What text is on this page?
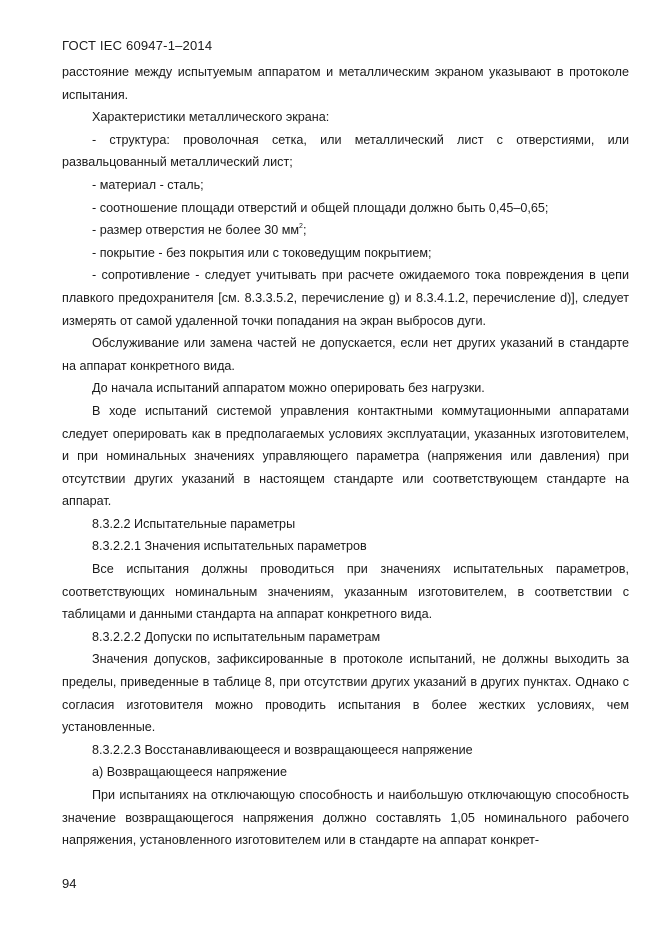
ГОСТ IEC 60947-1–2014

расстояние между испытуемым аппаратом и металлическим экраном указывают в протоколе испытания.

Характеристики металлического экрана:

- структура: проволочная сетка, или металлический лист с отверстиями, или развальцованный металлический лист;

- материал - сталь;

- соотношение площади отверстий и общей площади должно быть 0,45–0,65;

- размер отверстия не более 30 $мм^2$;

- покрытие - без покрытия или с токоведущим покрытием;

- сопротивление - следует учитывать при расчете ожидаемого тока повреждения в цепи плавкого предохранителя [см. 8.3.3.5.2, перечисление g) и 8.3.4.1.2, перечисление d)], следует измерять от самой удаленной точки попадания на экран выбросов дуги.

Обслуживание или замена частей не допускается, если нет других указаний в стандарте на аппарат конкретного вида.

До начала испытаний аппаратом можно оперировать без нагрузки.

В ходе испытаний системой управления контактными коммутационными аппаратами следует оперировать как в предполагаемых условиях эксплуатации, указанных изготовителем, и при номинальных значениях управляющего параметра (напряжения или давления) при отсутствии других указаний в настоящем стандарте или соответствующем стандарте на аппарат.

8.3.2.2 Испытательные параметры

8.3.2.2.1 Значения испытательных параметров

Все испытания должны проводиться при значениях испытательных параметров, соответствующих номинальным значениям, указанным изготовителем, в соответствии с таблицами и данными стандарта на аппарат конкретного вида.

8.3.2.2.2 Допуски по испытательным параметрам

Значения допусков, зафиксированные в протоколе испытаний, не должны выходить за пределы, приведенные в таблице 8, при отсутствии других указаний в других пунктах. Однако с согласия изготовителя можно проводить испытания в более жестких условиях, чем установленные.

8.3.2.2.3 Восстанавливающееся и возвращающееся напряжение

а) Возвращающееся напряжение

При испытаниях на отключающую способность и наибольшую отключающую способность значение возвращающегося напряжения должно составлять 1,05 номинального рабочего напряжения, установленного изготовителем или в стандарте на аппарат конкрет-

94
